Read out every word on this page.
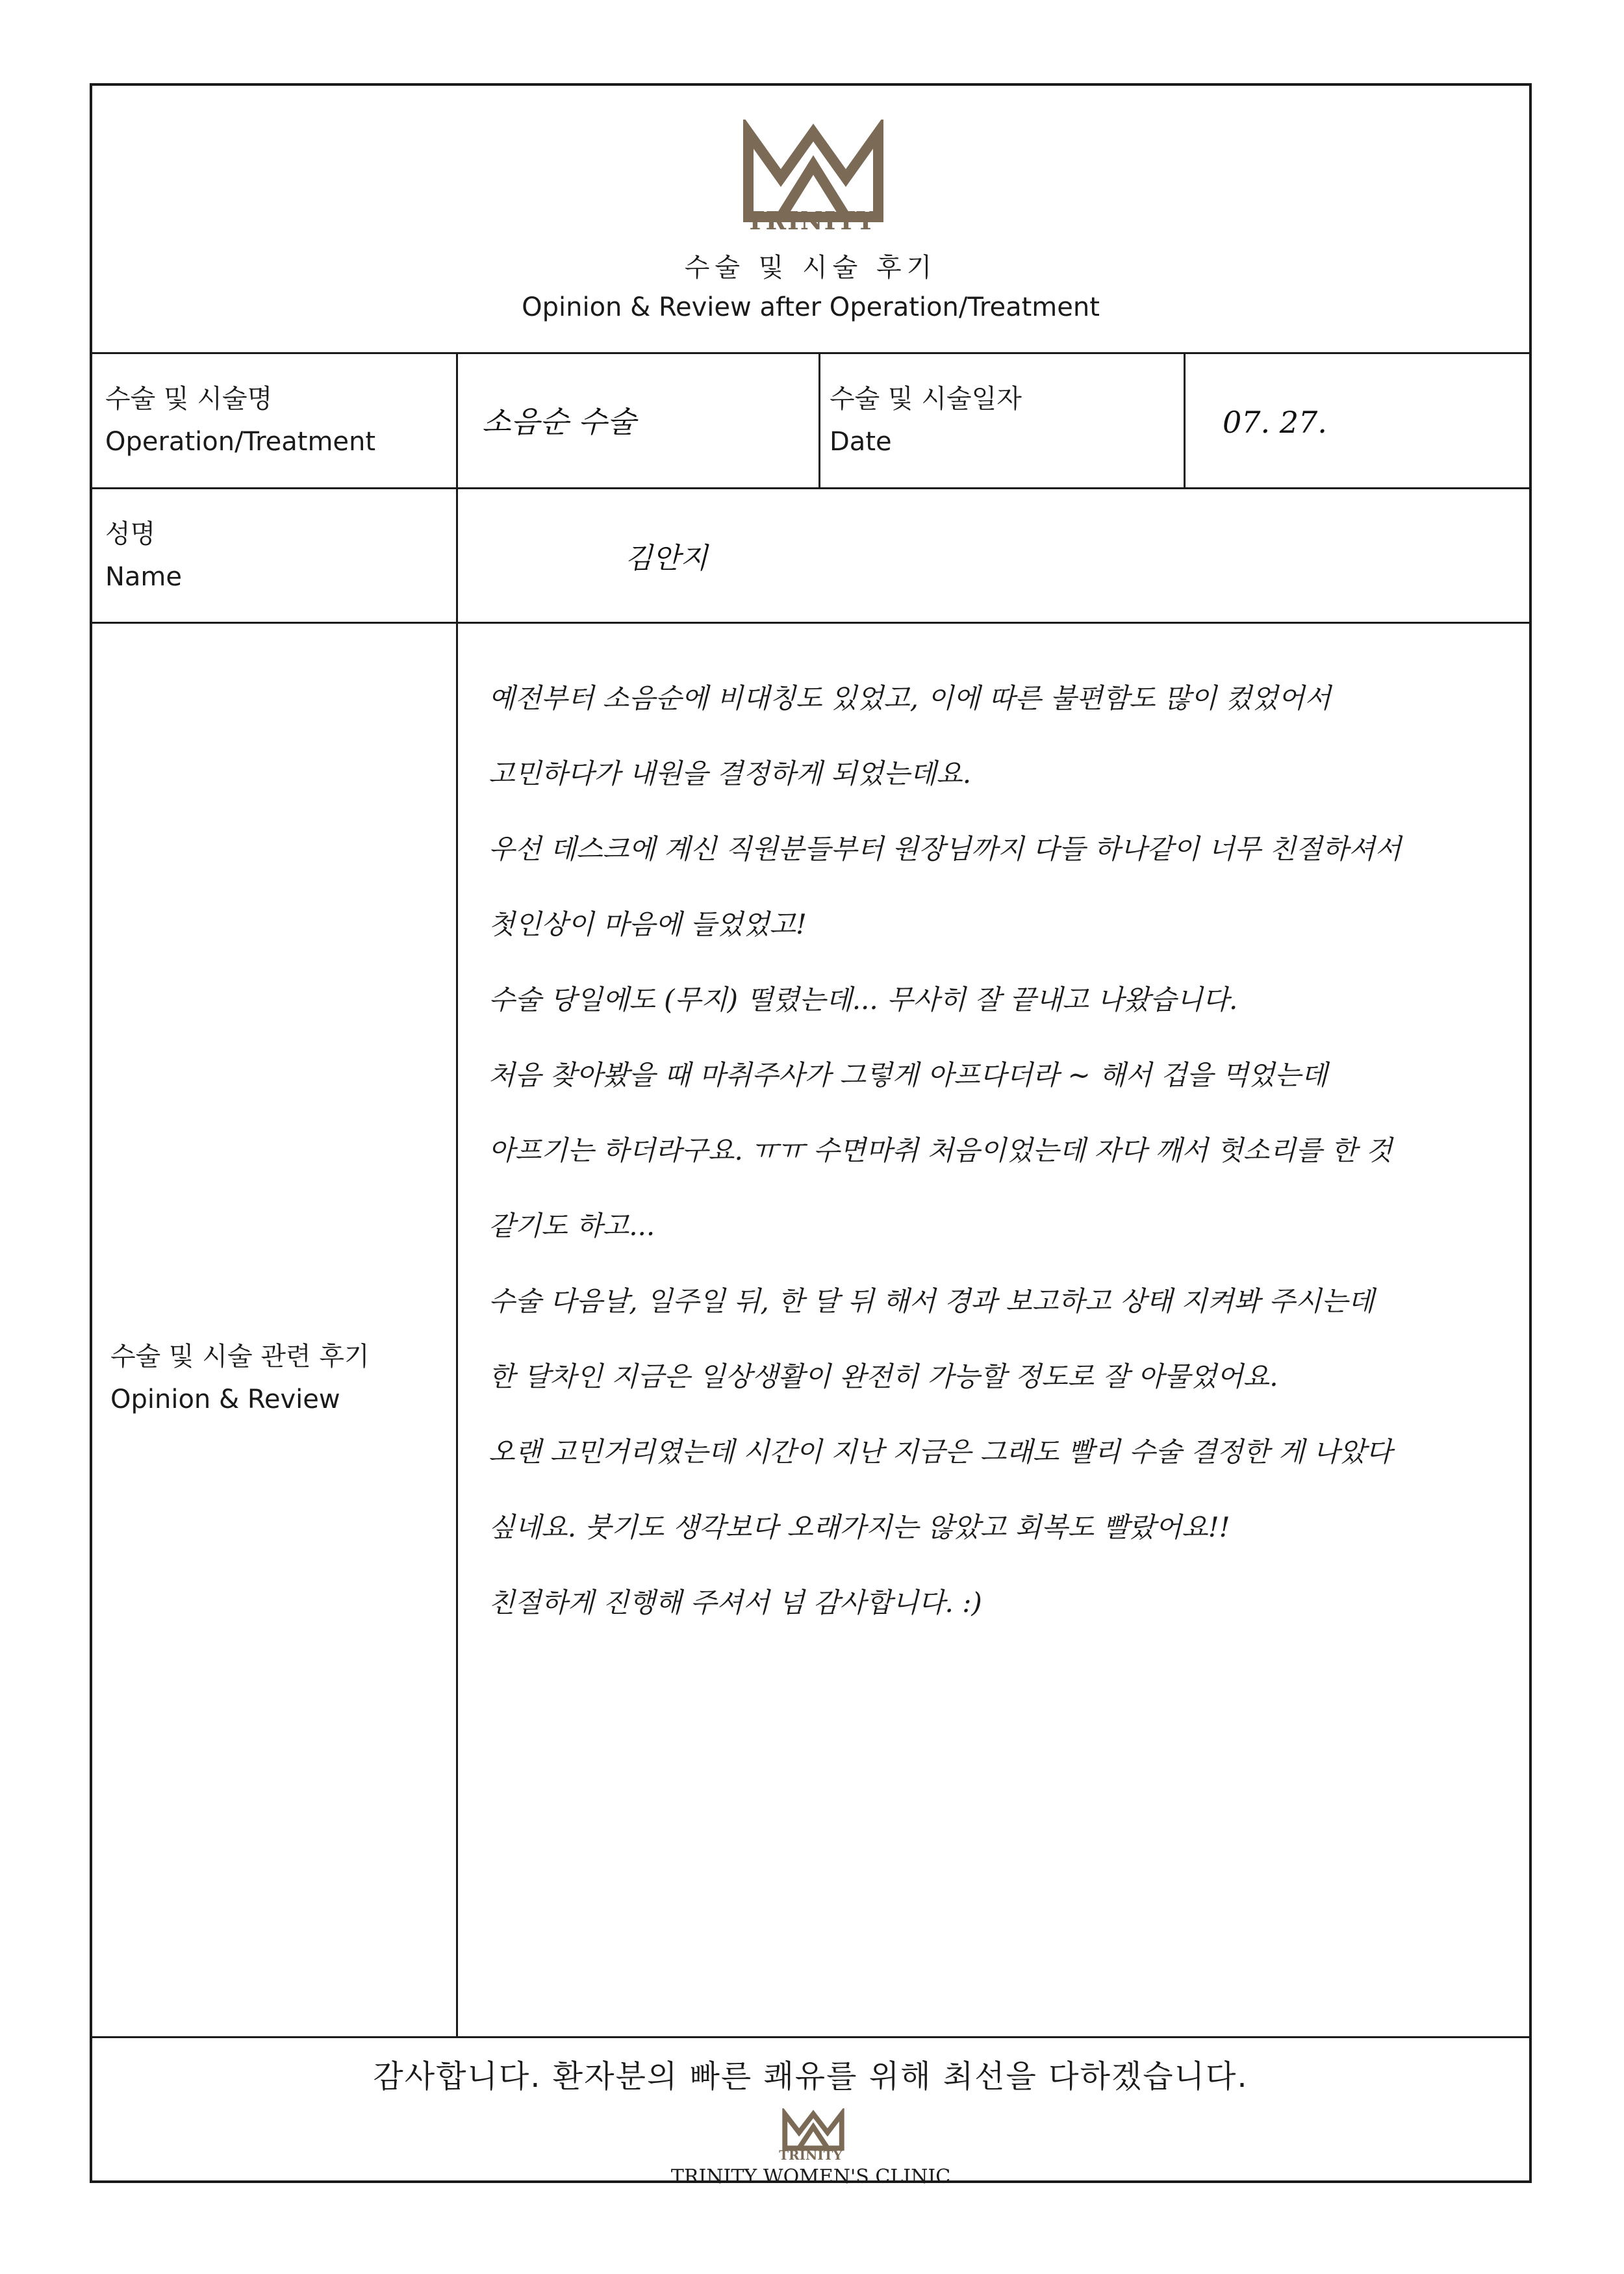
TRINITY
수술 및 시술 후기
Opinion & Review after Operation/Treatment
수술 및 시술명
Operation/Treatment
소음순 수술
수술 및 시술일자
Date
07. 27.
성명
Name
김안지
수술 및 시술 관련 후기
Opinion & Review
예전부터 소음순에 비대칭도 있었고, 이에 따른 불편함도 많이 컸었어서
고민하다가 내원을 결정하게 되었는데요.
우선 데스크에 계신 직원분들부터 원장님까지 다들 하나같이 너무 친절하셔서
첫인상이 마음에 들었었고!
수술 당일에도 (무지) 떨렸는데... 무사히 잘 끝내고 나왔습니다.
처음 찾아봤을 때 마취주사가 그렇게 아프다더라 ~ 해서 겁을 먹었는데
아프기는 하더라구요. ㅠㅠ 수면마취 처음이었는데 자다 깨서 헛소리를 한 것
같기도 하고...
수술 다음날, 일주일 뒤, 한 달 뒤 해서 경과 보고하고 상태 지켜봐 주시는데
한 달차인 지금은 일상생활이 완전히 가능할 정도로 잘 아물었어요.
오랜 고민거리였는데 시간이 지난 지금은 그래도 빨리 수술 결정한 게 나았다
싶네요. 붓기도 생각보다 오래가지는 않았고 회복도 빨랐어요!!
친절하게 진행해 주셔서 넘 감사합니다. :)
감사합니다. 환자분의 빠른 쾌유를 위해 최선을 다하겠습니다.
TRINITY
TRINITY WOMEN'S CLINIC
